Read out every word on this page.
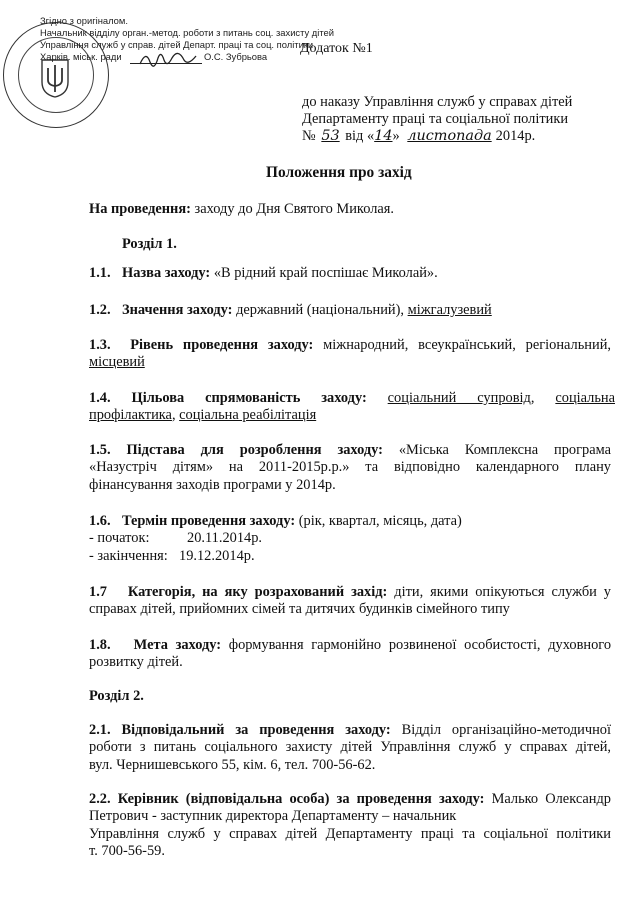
Згідно з оригіналом.
Начальник відділу орган.-метод. роботи з питань соц. захисту дітей
Управління служб у справ. дітей Департ. праці та соц. політики
Харків. міськ. ради	О.С. Зубрьова
Додаток №1
до наказу Управління служб у справах дітей
Департаменту праці та соціальної політики
№ 53 від «14» листопада 2014р.
Положення про захід
На проведення: заходу до Дня Святого Миколая.
Розділ 1.
1.1. Назва заходу: «В рідний край поспішає Миколай».
1.2. Значення заходу: державний (національний), міжгалузевий
1.3. Рівень проведення заходу: міжнародний, всеукраїнський, регіональний,
місцевий
1.4. Цільова спрямованість заходу: соціальний супровід, соціальна
профілактика, соціальна реабілітація
1.5. Підстава для розроблення заходу: «Міська Комплексна програма
«Назустріч дітям» на 2011-2015р.р.» та відповідно календарного плану
фінансування заходів програми у 2014р.
1.6. Термін проведення заходу: (рік, квартал, місяць, дата)
- початок:	20.11.2014р.
- закінчення: 19.12.2014р.
1.7 Категорія, на яку розрахований захід: діти, якими опікуються служби у
справах дітей, прийомних сімей та дитячих будинків сімейного типу
1.8. Мета заходу: формування гармонійно розвиненої особистості, духовного
розвитку дітей.
Розділ 2.
2.1. Відповідальний за проведення заходу: Відділ організаційно-методичної
роботи з питань соціального захисту дітей Управління служб у справах дітей,
вул. Чернишевського 55, кім. 6, тел. 700-56-62.
2.2. Керівник (відповідальна особа) за проведення заходу: Малько Олександр
Петрович - заступник директора Департаменту – начальник
Управління служб у справах дітей Департаменту праці та соціальної політики
т. 700-56-59.
